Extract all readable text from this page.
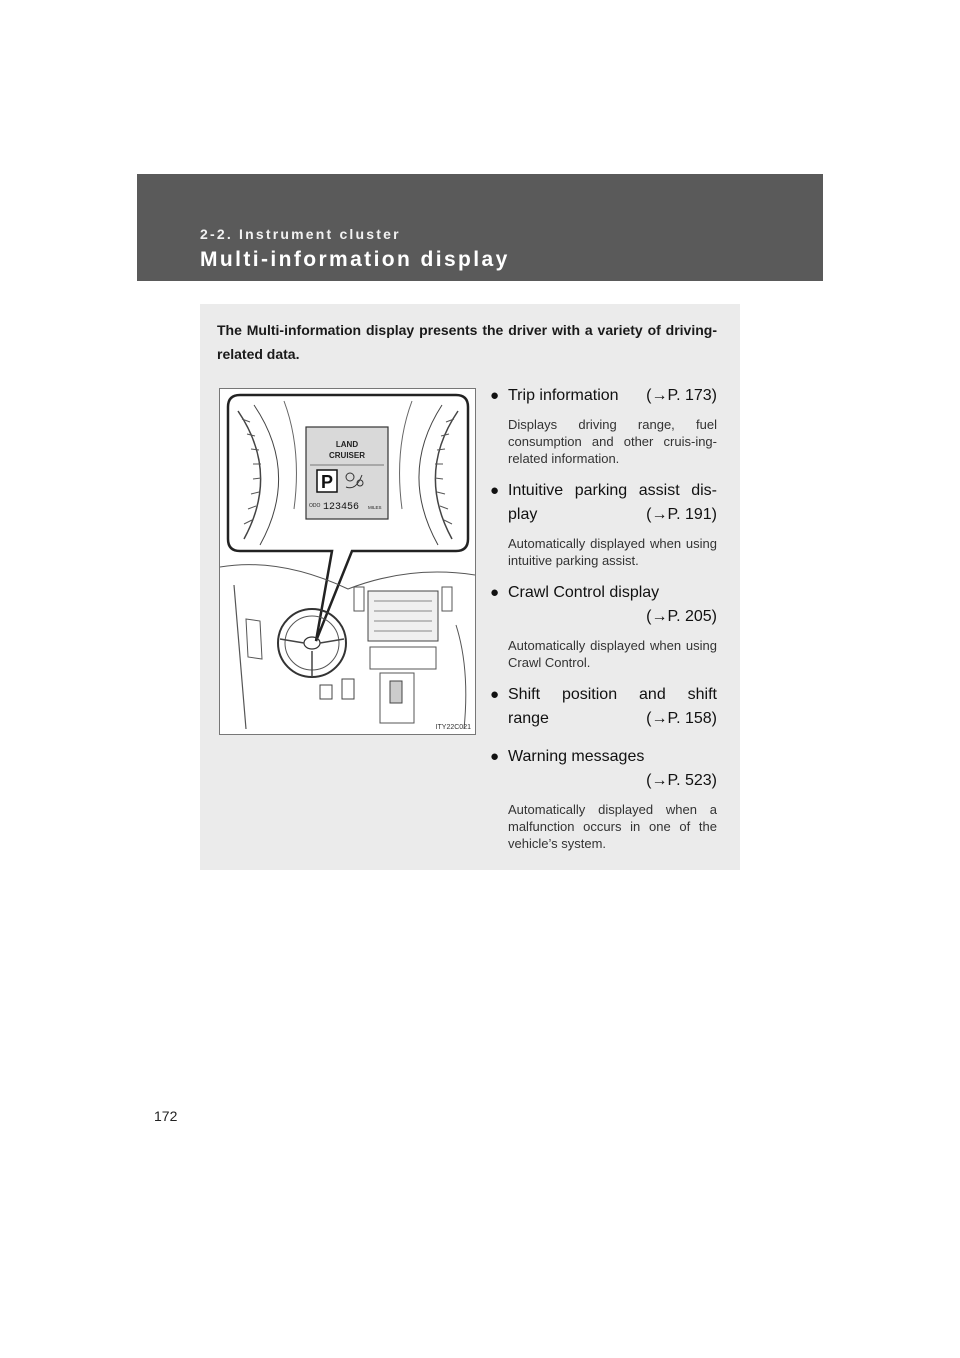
2-2. Instrument cluster
Multi-information display
The Multi-information display presents the driver with a variety of driving-related data.
LAND
CRUISER
P
ODO 123456 MILES
ITY22C021
● Trip information (→P. 173)
Displays driving range, fuel consumption and other cruis-ing-related information.
● Intuitive parking assist dis-
play	(→P. 191)
Automatically displayed when using intuitive parking assist.
● Crawl Control display
(→P. 205)
Automatically displayed when using Crawl Control.
● Shift position and shift
range	(→P. 158)
● Warning messages
(→P. 523)
Automatically displayed when a malfunction occurs in one of the vehicle’s system.
172
